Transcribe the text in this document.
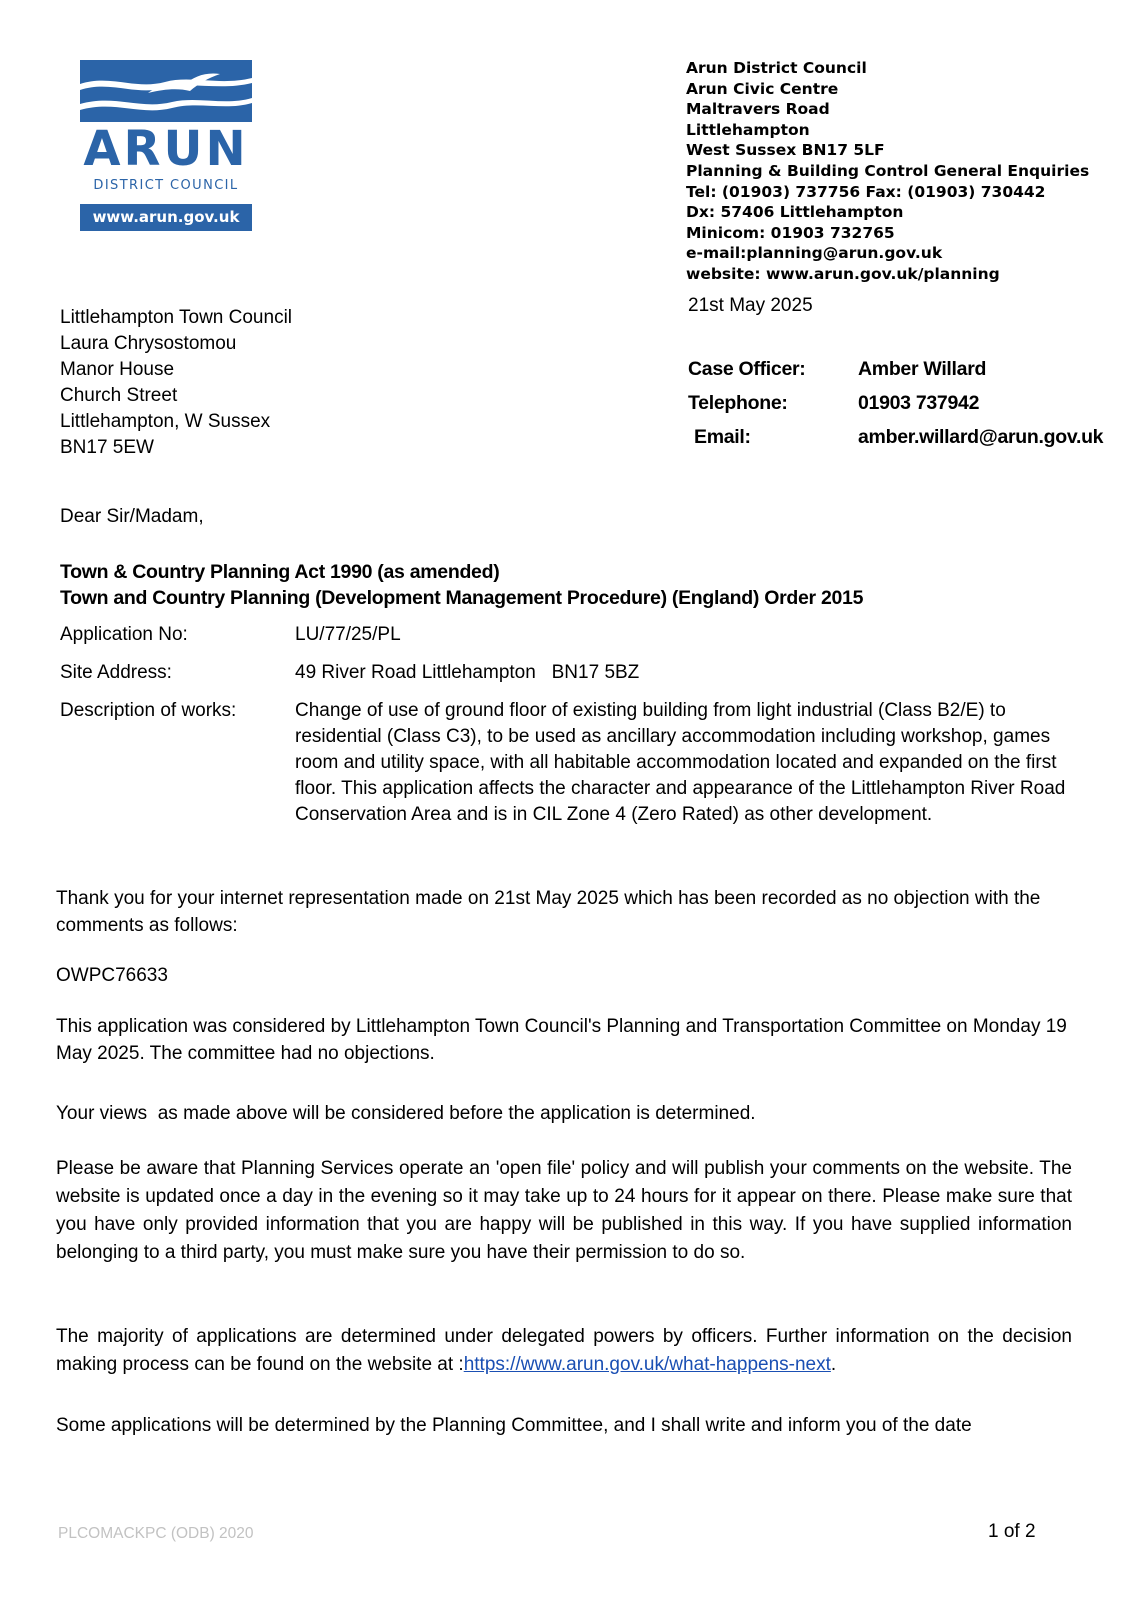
ARUN
DISTRICT COUNCIL
www.arun.gov.uk
Arun District Council
Arun Civic Centre
Maltravers Road
Littlehampton
West Sussex BN17 5LF
Planning & Building Control General Enquiries
Tel: (01903) 737756 Fax: (01903) 730442
Dx: 57406 Littlehampton
Minicom: 01903 732765
e-mail:planning@arun.gov.uk
website: www.arun.gov.uk/planning
21st May 2025
Littlehampton Town Council
Laura Chrysostomou
Manor House
Church Street
Littlehampton, W Sussex
BN17 5EW
Case Officer:	Amber Willard
Telephone:	01903 737942
Email:	amber.willard@arun.gov.uk
Dear Sir/Madam,
Town & Country Planning Act 1990 (as amended)
Town and Country Planning (Development Management Procedure) (England) Order 2015
Application No:	LU/77/25/PL
Site Address:	49 River Road Littlehampton   BN17 5BZ
Description of works:	Change of use of ground floor of existing building from light industrial (Class B2/E) to residential (Class C3), to be used as ancillary accommodation including workshop, games room and utility space, with all habitable accommodation located and expanded on the first floor. This application affects the character and appearance of the Littlehampton River Road Conservation Area and is in CIL Zone 4 (Zero Rated) as other development.
Thank you for your internet representation made on 21st May 2025 which has been recorded as no objection with the comments as follows:
OWPC76633
This application was considered by Littlehampton Town Council's Planning and Transportation Committee on Monday 19 May 2025. The committee had no objections.
Your views  as made above will be considered before the application is determined.
Please be aware that Planning Services operate an 'open file' policy and will publish your comments on the website. The website is updated once a day in the evening so it may take up to 24 hours for it appear on there. Please make sure that you have only provided information that you are happy will be published in this way. If you have supplied information belonging to a third party, you must make sure you have their permission to do so.
The majority of applications are determined under delegated powers by officers. Further information on the decision making process can be found on the website at :https://www.arun.gov.uk/what-happens-next.
Some applications will be determined by the Planning Committee, and I shall write and inform you of the date
PLCOMACKPC (ODB) 2020	1 of 2
